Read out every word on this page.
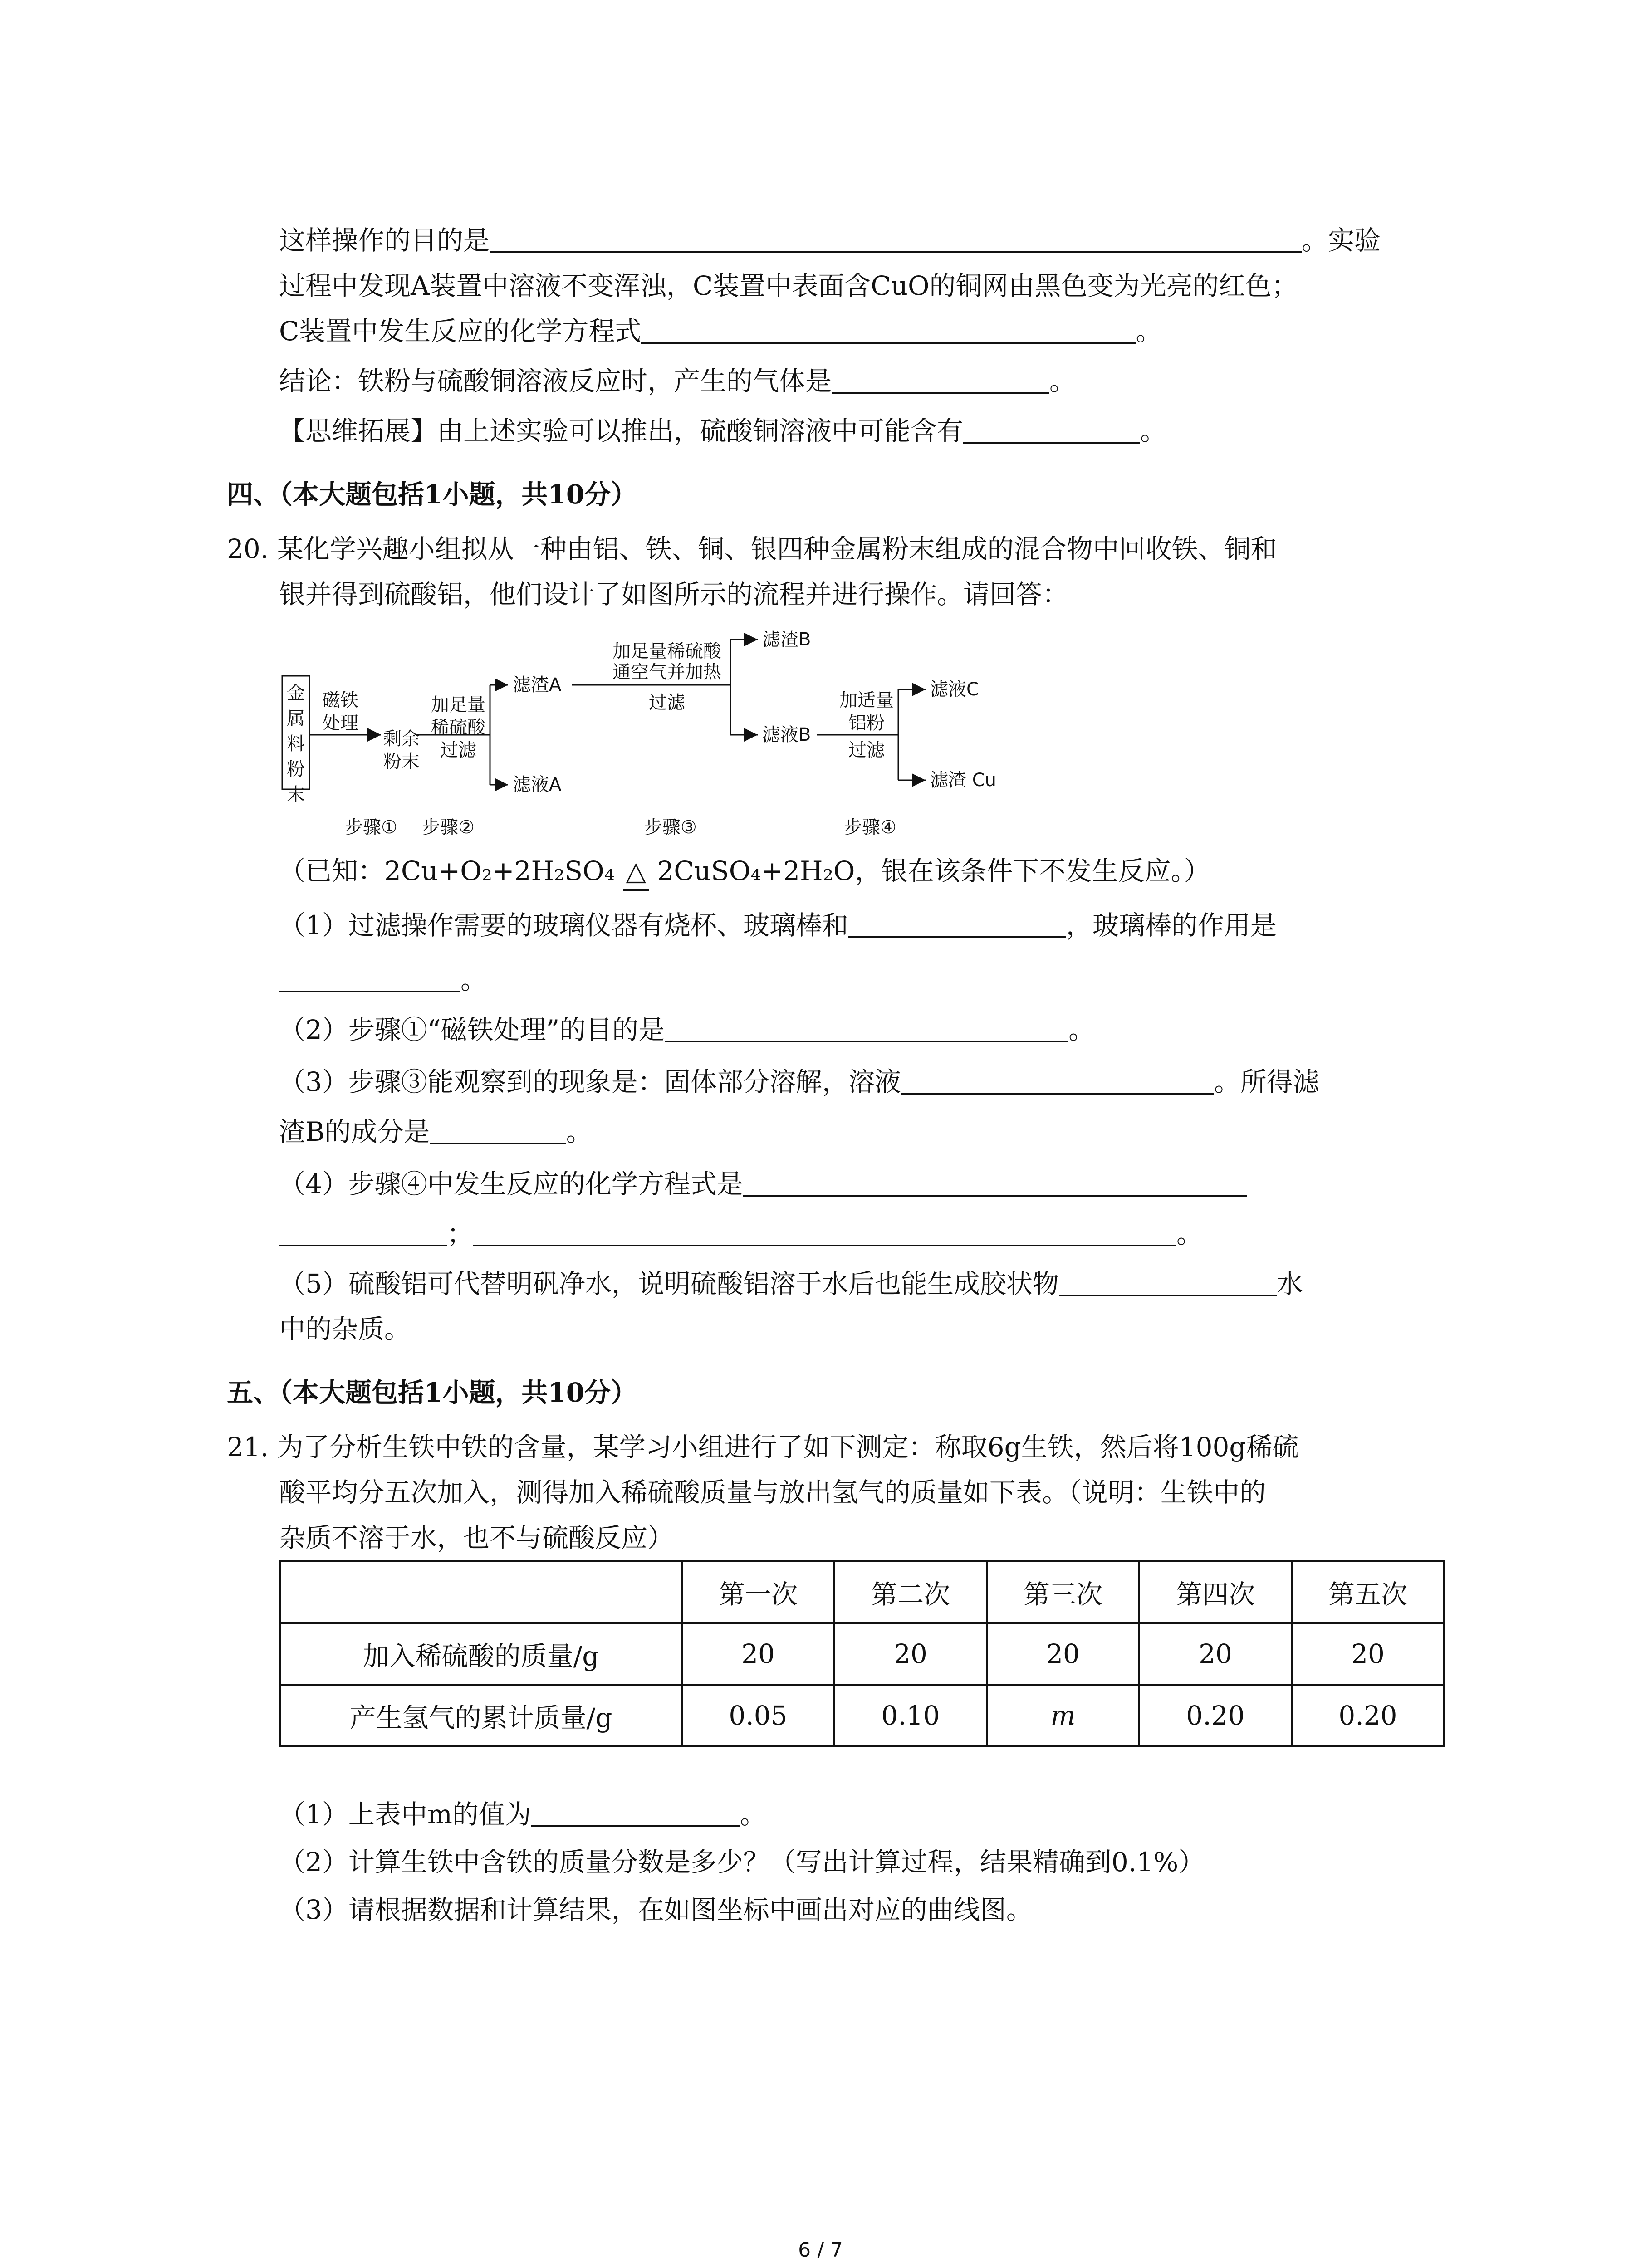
这样操作的目的是	。实验
过程中发现A装置中溶液不变浑浊，C装置中表面含CuO的铜网由黑色变为光亮的红色；
C装置中发生反应的化学方程式	。
结论：铁粉与硫酸铜溶液反应时，产生的气体是	。
【思维拓展】由上述实验可以推出，硫酸铜溶液中可能含有	。
四、（本大题包括1小题，共10分）
20. 某化学兴趣小组拟从一种由铝、铁、铜、银四种金属粉末组成的混合物中回收铁、铜和
银并得到硫酸铝，他们设计了如图所示的流程并进行操作。请回答：
金属料粉末
磁铁
处理
剩余
粉末
加足量
稀硫酸
过滤
滤渣A
滤液A
加足量稀硫酸
通空气并加热
过滤
滤渣B
滤液B
加适量
铝粉
过滤
滤液C
滤渣 Cu
步骤① 步骤②	步骤③	步骤④
（已知：2Cu+O₂+2H₂SO₄ △ 2CuSO₄+2H₂O，银在该条件下不发生反应。）
（1）过滤操作需要的玻璃仪器有烧杯、玻璃棒和	，玻璃棒的作用是
。
（2）步骤①“磁铁处理”的目的是	。
（3）步骤③能观察到的现象是：固体部分溶解，溶液	。所得滤
渣B的成分是	。
（4）步骤④中发生反应的化学方程式是
；	。
（5）硫酸铝可代替明矾净水，说明硫酸铝溶于水后也能生成胶状物	水
中的杂质。
五、（本大题包括1小题，共10分）
21. 为了分析生铁中铁的含量，某学习小组进行了如下测定：称取6g生铁，然后将100g稀硫
酸平均分五次加入，测得加入稀硫酸质量与放出氢气的质量如下表。（说明：生铁中的
杂质不溶于水，也不与硫酸反应）
	第一次	第二次	第三次	第四次	第五次
加入稀硫酸的质量/g	20	20	20	20	20
产生氢气的累计质量/g	0.05	0.10	m	0.20	0.20
（1）上表中m的值为	。
（2）计算生铁中含铁的质量分数是多少？（写出计算过程，结果精确到0.1%）
（3）请根据数据和计算结果，在如图坐标中画出对应的曲线图。
6 / 7
